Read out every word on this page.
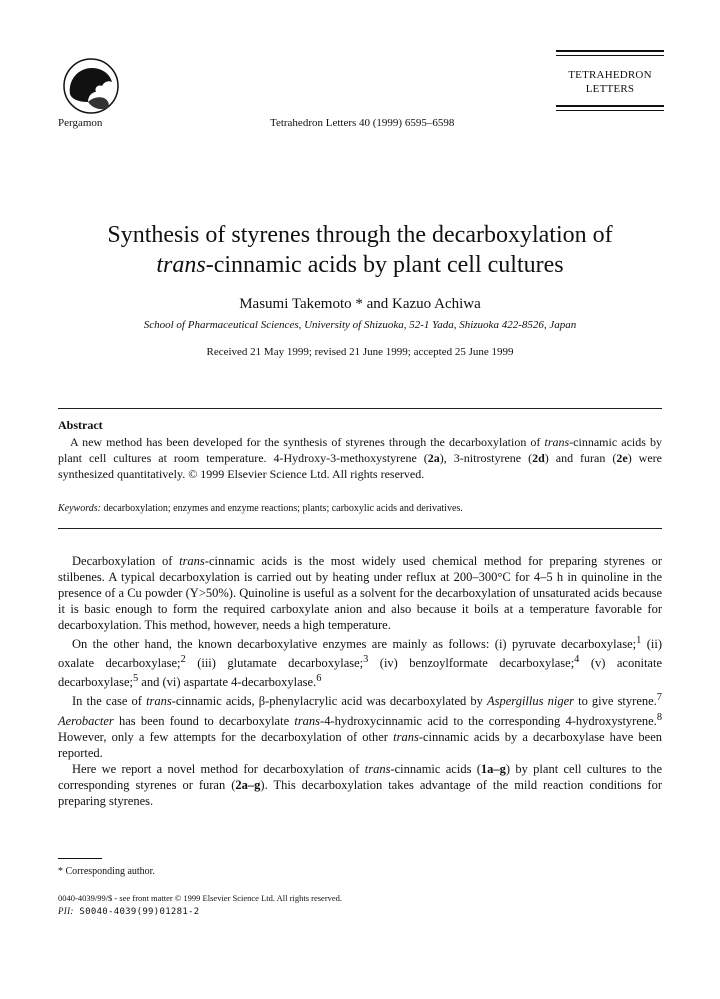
Pergamon	Tetrahedron Letters 40 (1999) 6595–6598
TETRAHEDRON
LETTERS
Synthesis of styrenes through the decarboxylation of
trans-cinnamic acids by plant cell cultures
Masumi Takemoto * and Kazuo Achiwa
School of Pharmaceutical Sciences, University of Shizuoka, 52-1 Yada, Shizuoka 422-8526, Japan
Received 21 May 1999; revised 21 June 1999; accepted 25 June 1999
Abstract
A new method has been developed for the synthesis of styrenes through the decarboxylation of trans-cinnamic acids by plant cell cultures at room temperature. 4-Hydroxy-3-methoxystyrene (2a), 3-nitrostyrene (2d) and furan (2e) were synthesized quantitatively. © 1999 Elsevier Science Ltd. All rights reserved.
Keywords: decarboxylation; enzymes and enzyme reactions; plants; carboxylic acids and derivatives.

Decarboxylation of trans-cinnamic acids is the most widely used chemical method for preparing styrenes or stilbenes. A typical decarboxylation is carried out by heating under reflux at 200–300°C for 4–5 h in quinoline in the presence of a Cu powder (Y>50%). Quinoline is useful as a solvent for the decarboxylation of unsaturated acids because it is basic enough to form the required carboxylate anion and also because it boils at a temperature favorable for decarboxylation. This method, however, needs a high temperature.

On the other hand, the known decarboxylative enzymes are mainly as follows: (i) pyruvate decarboxylase;$^1$ (ii) oxalate decarboxylase;$^2$ (iii) glutamate decarboxylase;$^3$ (iv) benzoylformate decarboxylase;$^4$ (v) aconitate decarboxylase;$^5$ and (vi) aspartate 4-decarboxylase.$^6$

In the case of trans-cinnamic acids, β-phenylacrylic acid was decarboxylated by Aspergillus niger to give styrene.$^7$ Aerobacter has been found to decarboxylate trans-4-hydroxycinnamic acid to the corresponding 4-hydroxystyrene.$^8$ However, only a few attempts for the decarboxylation of other trans-cinnamic acids by a decarboxylase have been reported.

Here we report a novel method for decarboxylation of trans-cinnamic acids (1a–g) by plant cell cultures to the corresponding styrenes or furan (2a–g). This decarboxylation takes advantage of the mild reaction conditions for preparing styrenes.

* Corresponding author.
0040-4039/99/$ - see front matter © 1999 Elsevier Science Ltd. All rights reserved.
PII: S0040-4039(99)01281-2
